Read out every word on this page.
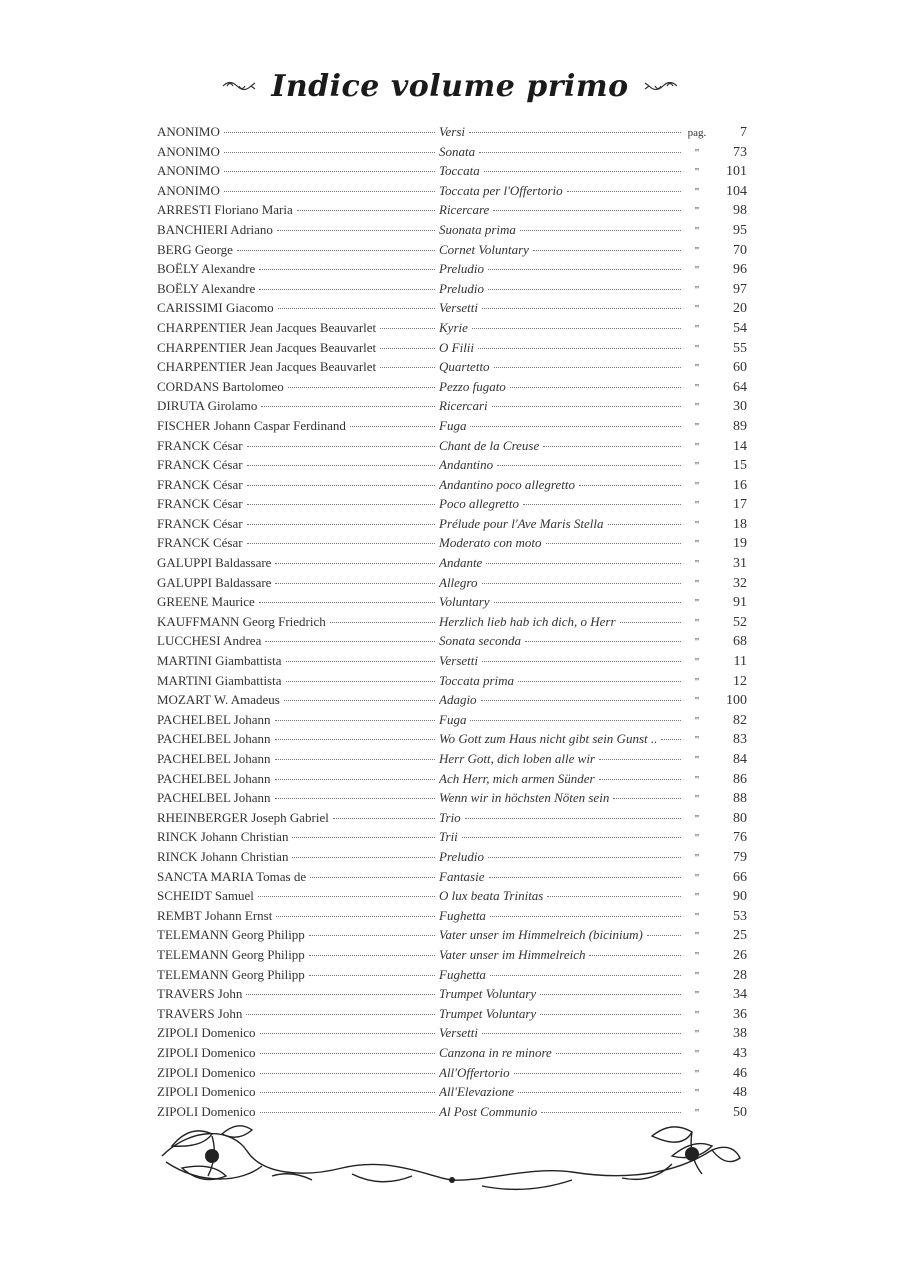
Indice volume primo
ANONIMO	Versi	pag.	7
ANONIMO	Sonata	"	73
ANONIMO	Toccata	"	101
ANONIMO	Toccata per l'Offertorio	"	104
ARRESTI Floriano Maria	Ricercare	"	98
BANCHIERI Adriano	Suonata prima	"	95
BERG George	Cornet Voluntary	"	70
BOËLY Alexandre	Preludio	"	96
BOËLY Alexandre	Preludio	"	97
CARISSIMI Giacomo	Versetti	"	20
CHARPENTIER Jean Jacques Beauvarlet	Kyrie	"	54
CHARPENTIER Jean Jacques Beauvarlet	O Filii	"	55
CHARPENTIER Jean Jacques Beauvarlet	Quartetto	"	60
CORDANS Bartolomeo	Pezzo fugato	"	64
DIRUTA Girolamo	Ricercari	"	30
FISCHER Johann Caspar Ferdinand	Fuga	"	89
FRANCK César	Chant de la Creuse	"	14
FRANCK César	Andantino	"	15
FRANCK César	Andantino poco allegretto	"	16
FRANCK César	Poco allegretto	"	17
FRANCK César	Prélude pour l'Ave Maris Stella	"	18
FRANCK César	Moderato con moto	"	19
GALUPPI Baldassare	Andante	"	31
GALUPPI Baldassare	Allegro	"	32
GREENE Maurice	Voluntary	"	91
KAUFFMANN Georg Friedrich	Herzlich lieb hab ich dich, o Herr	"	52
LUCCHESI Andrea	Sonata seconda	"	68
MARTINI Giambattista	Versetti	"	11
MARTINI Giambattista	Toccata prima	"	12
MOZART W. Amadeus	Adagio	"	100
PACHELBEL Johann	Fuga	"	82
PACHELBEL Johann	Wo Gott zum Haus nicht gibt sein Gunst ..	"	83
PACHELBEL Johann	Herr Gott, dich loben alle wir	"	84
PACHELBEL Johann	Ach Herr, mich armen Sünder	"	86
PACHELBEL Johann	Wenn wir in höchsten Nöten sein	"	88
RHEINBERGER Joseph Gabriel	Trio	"	80
RINCK Johann Christian	Trii	"	76
RINCK Johann Christian	Preludio	"	79
SANCTA MARIA Tomas de	Fantasie	"	66
SCHEIDT Samuel	O lux beata Trinitas	"	90
REMBT Johann Ernst	Fughetta	"	53
TELEMANN Georg Philipp	Vater unser im Himmelreich (bicinium)	"	25
TELEMANN Georg Philipp	Vater unser im Himmelreich	"	26
TELEMANN Georg Philipp	Fughetta	"	28
TRAVERS John	Trumpet Voluntary	"	34
TRAVERS John	Trumpet Voluntary	"	36
ZIPOLI Domenico	Versetti	"	38
ZIPOLI Domenico	Canzona in re minore	"	43
ZIPOLI Domenico	All'Offertorio	"	46
ZIPOLI Domenico	All'Elevazione	"	48
ZIPOLI Domenico	Al Post Communio	"	50
